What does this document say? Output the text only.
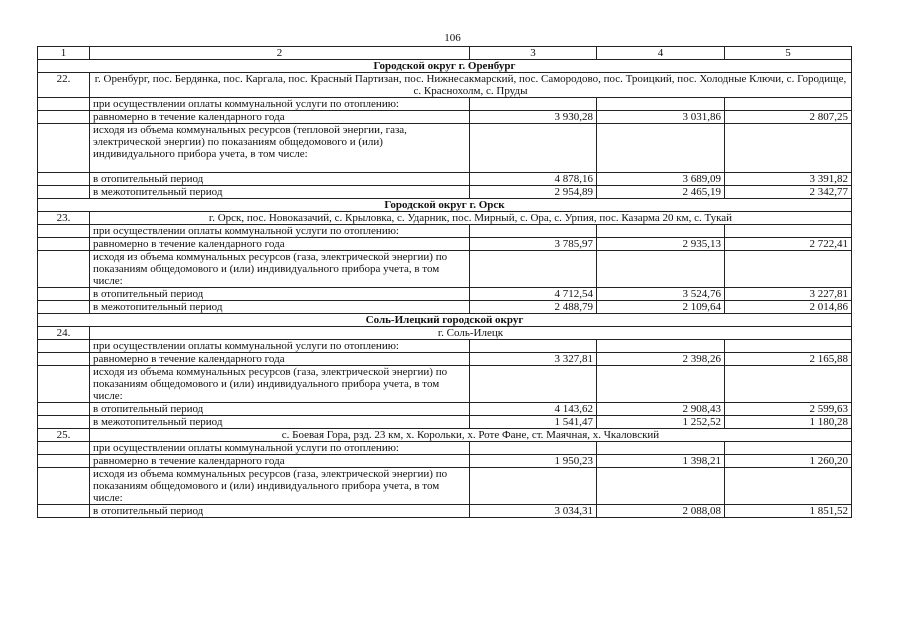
106
1	2	3	4	5
Городской округ г. Оренбург				
22.	г. Оренбург, пос. Бердянка, пос. Каргала, пос. Красный Партизан, пос. Нижнесакмарский, пос. Самородово, пос. Троицкий, пос. Холодные Ключи, с. Городище, с. Краснохолм, с. Пруды			
	при осуществлении оплаты коммунальной услуги по отоплению:			
	равномерно в течение календарного года	3 930,28	3 031,86	2 807,25
	исходя из объема коммунальных ресурсов (тепловой энергии, газа, электрической энергии) по показаниям общедомового и (или) индивидуального прибора учета, в том числе:			
	в отопительный период	4 878,16	3 689,09	3 391,82
	в межотопительный период	2 954,89	2 465,19	2 342,77
Городской округ г. Орск				
23.	г. Орск, пос. Новоказачий, с. Крыловка, с. Ударник, пос. Мирный, с. Ора, с. Урпия, пос. Казарма 20 км, с. Тукай			
	при осуществлении оплаты коммунальной услуги по отоплению:			
	равномерно в течение календарного года	3 785,97	2 935,13	2 722,41
	исходя из объема коммунальных ресурсов (газа, электрической энергии) по показаниям общедомового и (или) индивидуального прибора учета, в том числе:			
	в отопительный период	4 712,54	3 524,76	3 227,81
	в межотопительный период	2 488,79	2 109,64	2 014,86
Соль-Илецкий городской округ				
24.	г. Соль-Илецк			
	при осуществлении оплаты коммунальной услуги по отоплению:			
	равномерно в течение календарного года	3 327,81	2 398,26	2 165,88
	исходя из объема коммунальных ресурсов (газа, электрической энергии) по показаниям общедомового и (или) индивидуального прибора учета, в том числе:			
	в отопительный период	4 143,62	2 908,43	2 599,63
	в межотопительный период	1 541,47	1 252,52	1 180,28
25.	с. Боевая Гора, рзд. 23 км, х. Корольки, х. Роте Фане, ст. Маячная, х. Чкаловский			
	при осуществлении оплаты коммунальной услуги по отоплению:			
	равномерно в течение календарного года	1 950,23	1 398,21	1 260,20
	исходя из объема коммунальных ресурсов (газа, электрической энергии) по показаниям общедомового и (или) индивидуального прибора учета, в том числе:			
	в отопительный период	3 034,31	2 088,08	1 851,52
